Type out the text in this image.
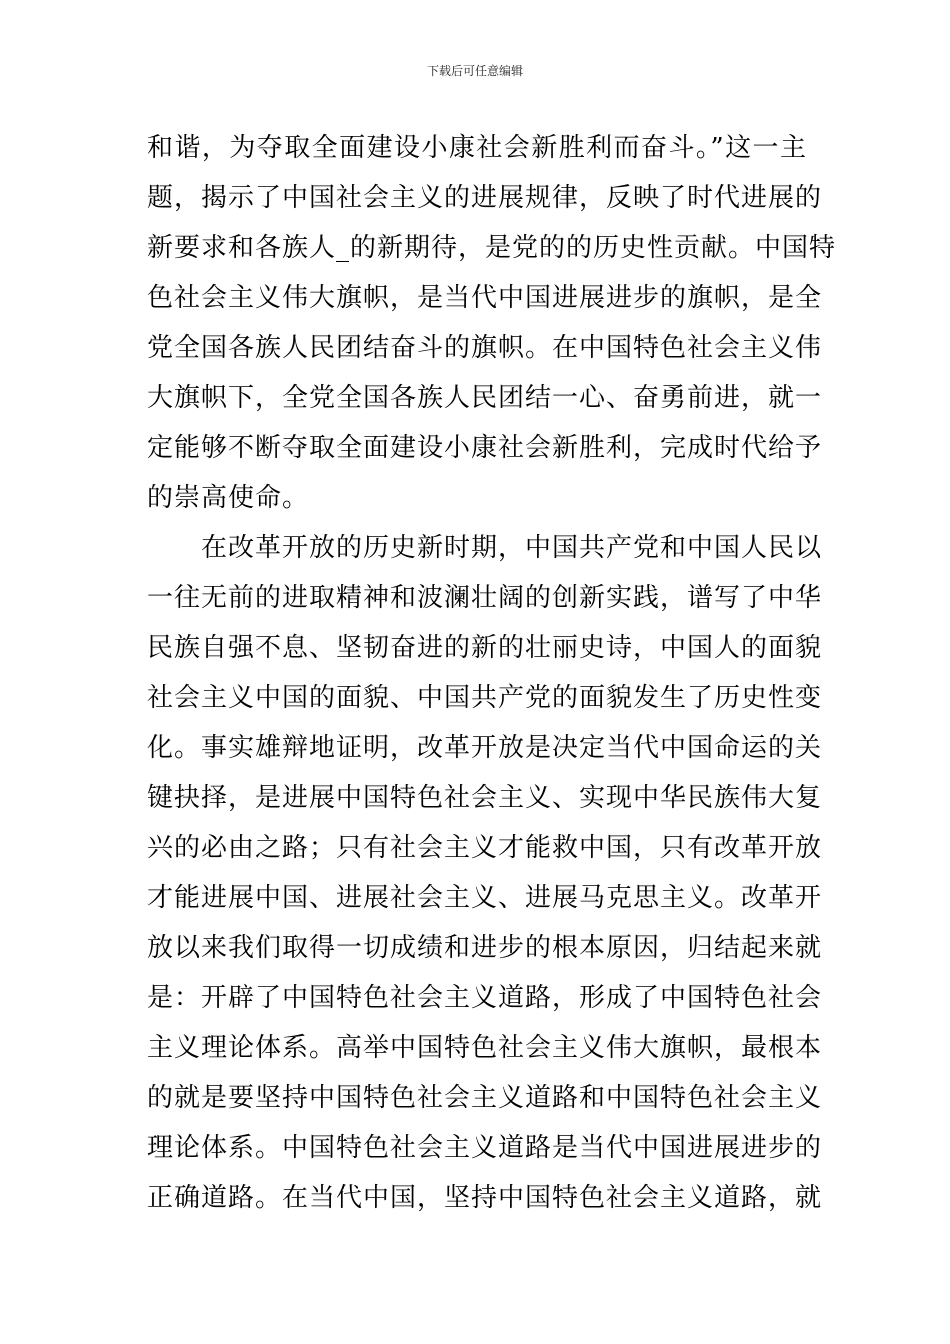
下载后可任意编辑
和谐，为夺取全面建设小康社会新胜利而奋斗。”这一主
题，揭示了中国社会主义的进展规律，反映了时代进展的
新要求和各族人_的新期待，是党的的历史性贡献。中国特
色社会主义伟大旗帜，是当代中国进展进步的旗帜，是全
党全国各族人民团结奋斗的旗帜。在中国特色社会主义伟
大旗帜下，全党全国各族人民团结一心、奋勇前进，就一
定能够不断夺取全面建设小康社会新胜利，完成时代给予
的崇高使命。
在改革开放的历史新时期，中国共产党和中国人民以
一往无前的进取精神和波澜壮阔的创新实践，谱写了中华
民族自强不息、坚韧奋进的新的壮丽史诗，中国人的面貌
社会主义中国的面貌、中国共产党的面貌发生了历史性变
化。事实雄辩地证明，改革开放是决定当代中国命运的关
键抉择，是进展中国特色社会主义、实现中华民族伟大复
兴的必由之路；只有社会主义才能救中国，只有改革开放
才能进展中国、进展社会主义、进展马克思主义。改革开
放以来我们取得一切成绩和进步的根本原因，归结起来就
是：开辟了中国特色社会主义道路，形成了中国特色社会
主义理论体系。高举中国特色社会主义伟大旗帜，最根本
的就是要坚持中国特色社会主义道路和中国特色社会主义
理论体系。中国特色社会主义道路是当代中国进展进步的
正确道路。在当代中国，坚持中国特色社会主义道路，就
